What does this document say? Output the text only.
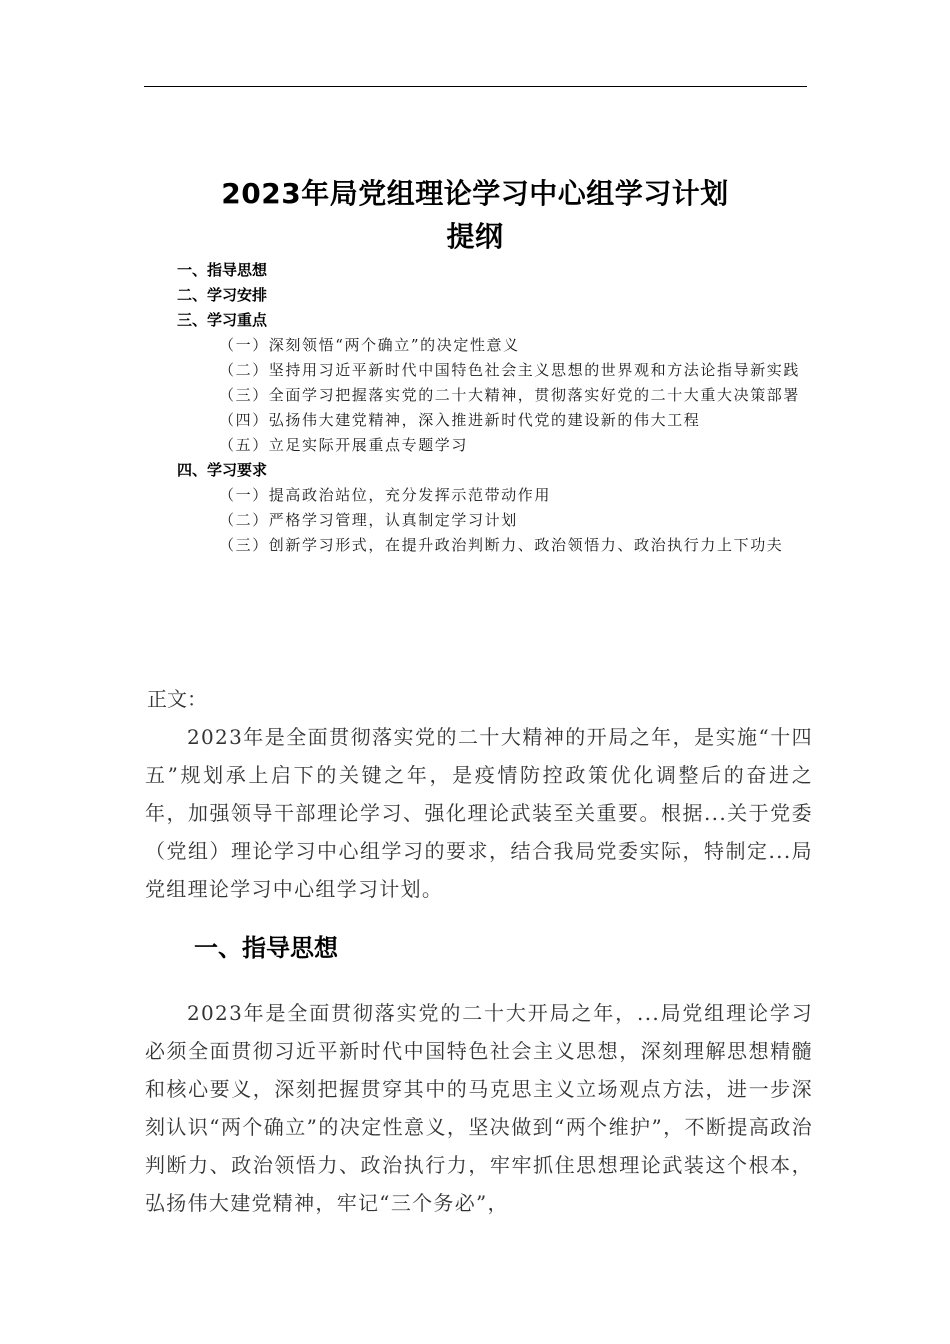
2023年局党组理论学习中心组学习计划
提纲
一、指导思想
二、学习安排
三、学习重点
（一）深刻领悟“两个确立”的决定性意义
（二）坚持用习近平新时代中国特色社会主义思想的世界观和方法论指导新实践
（三）全面学习把握落实党的二十大精神，贯彻落实好党的二十大重大决策部署
（四）弘扬伟大建党精神，深入推进新时代党的建设新的伟大工程
（五）立足实际开展重点专题学习
四、学习要求
（一）提高政治站位，充分发挥示范带动作用
（二）严格学习管理，认真制定学习计划
（三）创新学习形式，在提升政治判断力、政治领悟力、政治执行力上下功夫
正文：
2023年是全面贯彻落实党的二十大精神的开局之年，是实施“十四五”规划承上启下的关键之年，是疫情防控政策优化调整后的奋进之年，加强领导干部理论学习、强化理论武装至关重要。根据...关于党委（党组）理论学习中心组学习的要求，结合我局党委实际，特制定...局党组理论学习中心组学习计划。
一、指导思想
2023年是全面贯彻落实党的二十大开局之年，...局党组理论学习必须全面贯彻习近平新时代中国特色社会主义思想，深刻理解思想精髓和核心要义，深刻把握贯穿其中的马克思主义立场观点方法，进一步深刻认识“两个确立”的决定性意义，坚决做到“两个维护”，不断提高政治判断力、政治领悟力、政治执行力，牢牢抓住思想理论武装这个根本，弘扬伟大建党精神，牢记“三个务必”，
